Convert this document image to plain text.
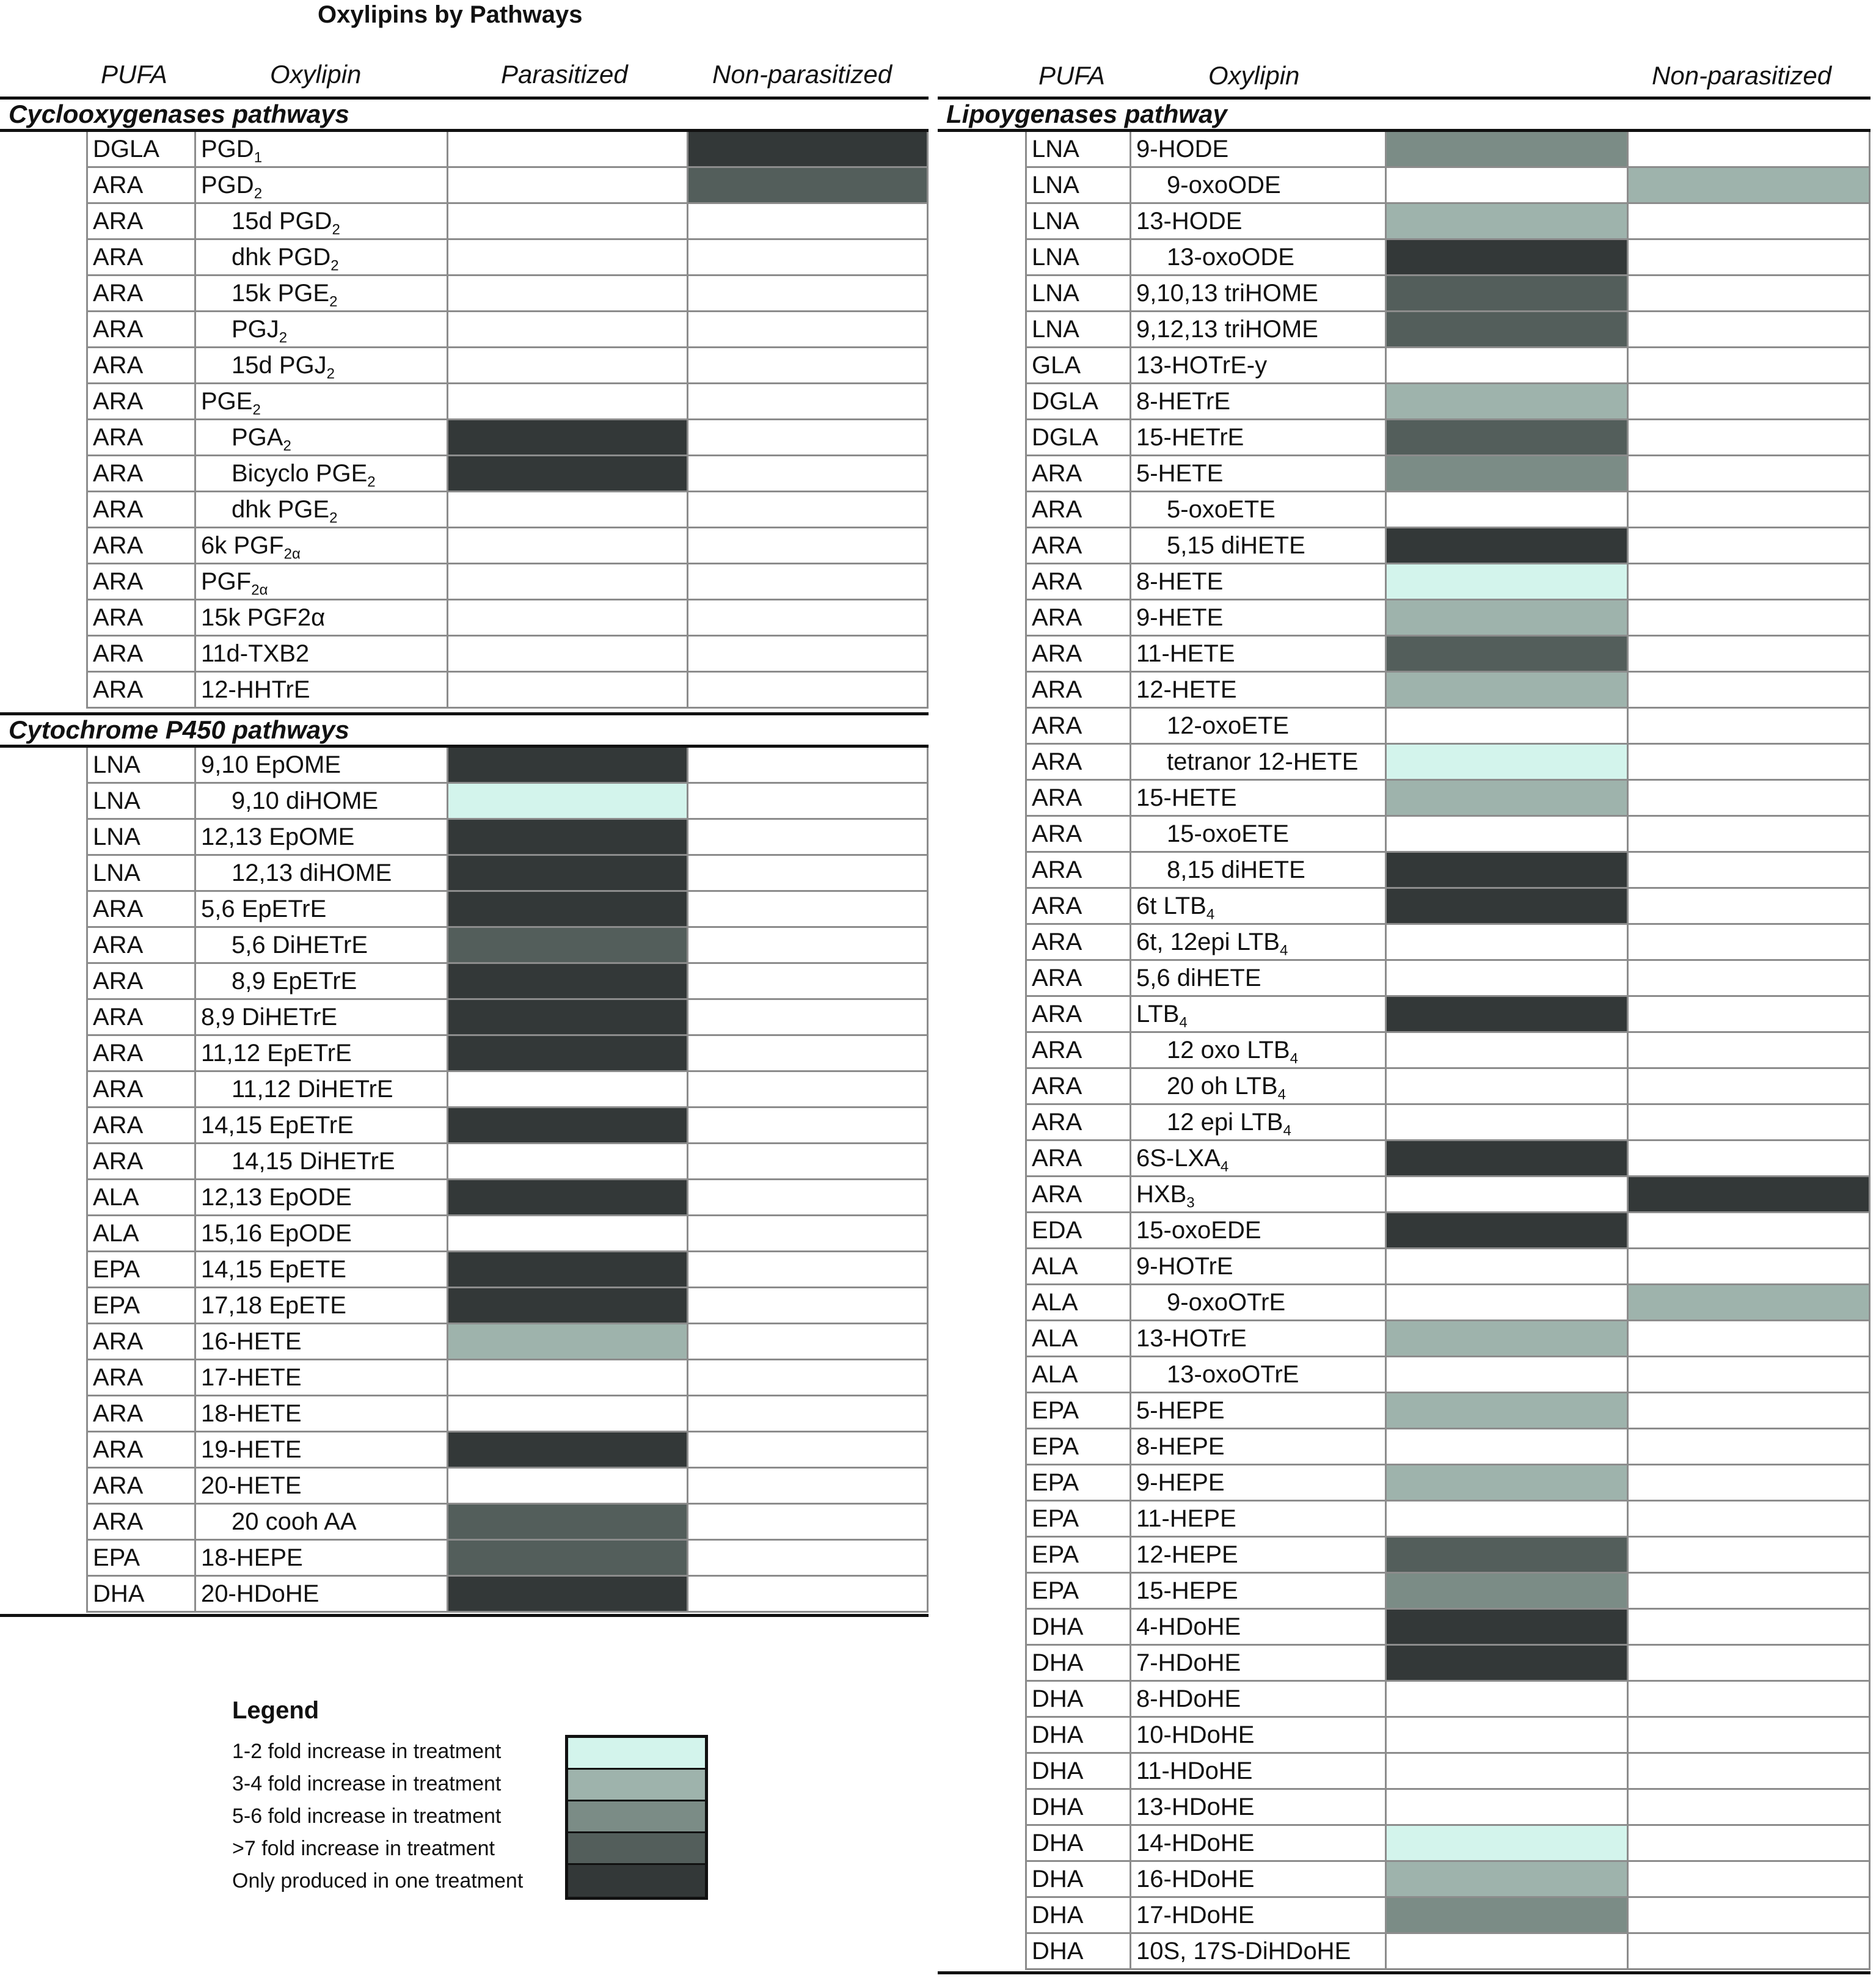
Oxylipins by Pathways
PUFA	Oxylipin	Parasitized	Non-parasitized	PUFA	Oxylipin	Non-parasitized
Cyclooxygenases pathways
DGLA	$PGD_1$
ARA	$PGD_2$
ARA	15d $PGD_2$
ARA	dhk $PGD_2$
ARA	15k $PGE_2$
ARA	$PGJ_2$
ARA	15d $PGJ_2$
ARA	$PGE_2$
ARA	$PGA_2$
ARA	Bicyclo $PGE_2$
ARA	dhk $PGE_2$
ARA	6k $PGF_{2\alpha}$
ARA	$PGF_{2\alpha}$
ARA	15k PGF2α
ARA	11d-TXB2
ARA	12-HHTrE
Cytochrome P450 pathways
LNA	9,10 EpOME
LNA	9,10 diHOME
LNA	12,13 EpOME
LNA	12,13 diHOME
ARA	5,6 EpETrE
ARA	5,6 DiHETrE
ARA	8,9 EpETrE
ARA	8,9 DiHETrE
ARA	11,12 EpETrE
ARA	11,12 DiHETrE
ARA	14,15 EpETrE
ARA	14,15 DiHETrE
ALA	12,13 EpODE
ALA	15,16 EpODE
EPA	14,15 EpETE
EPA	17,18 EpETE
ARA	16-HETE
ARA	17-HETE
ARA	18-HETE
ARA	19-HETE
ARA	20-HETE
ARA	20 cooh AA
EPA	18-HEPE
DHA	20-HDoHE
Lipoygenases pathway
LNA	9-HODE
LNA	9-oxoODE
LNA	13-HODE
LNA	13-oxoODE
LNA	9,10,13 triHOME
LNA	9,12,13 triHOME
GLA	13-HOTrE-y
DGLA	8-HETrE
DGLA	15-HETrE
ARA	5-HETE
ARA	5-oxoETE
ARA	5,15 diHETE
ARA	8-HETE
ARA	9-HETE
ARA	11-HETE
ARA	12-HETE
ARA	12-oxoETE
ARA	tetranor 12-HETE
ARA	15-HETE
ARA	15-oxoETE
ARA	8,15 diHETE
ARA	6t $LTB_4$
ARA	6t, 12epi $LTB_4$
ARA	5,6 diHETE
ARA	$LTB_4$
ARA	12 oxo $LTB_4$
ARA	20 oh $LTB_4$
ARA	12 epi $LTB_4$
ARA	$6S-LXA_4$
ARA	$HXB_3$
EDA	15-oxoEDE
ALA	9-HOTrE
ALA	9-oxoOTrE
ALA	13-HOTrE
ALA	13-oxoOTrE
EPA	5-HEPE
EPA	8-HEPE
EPA	9-HEPE
EPA	11-HEPE
EPA	12-HEPE
EPA	15-HEPE
DHA	4-HDoHE
DHA	7-HDoHE
DHA	8-HDoHE
DHA	10-HDoHE
DHA	11-HDoHE
DHA	13-HDoHE
DHA	14-HDoHE
DHA	16-HDoHE
DHA	17-HDoHE
DHA	10S, 17S-DiHDoHE
Legend
1-2 fold increase in treatment
3-4 fold increase in treatment
5-6 fold increase in treatment
>7 fold increase in treatment
Only produced in one treatment
